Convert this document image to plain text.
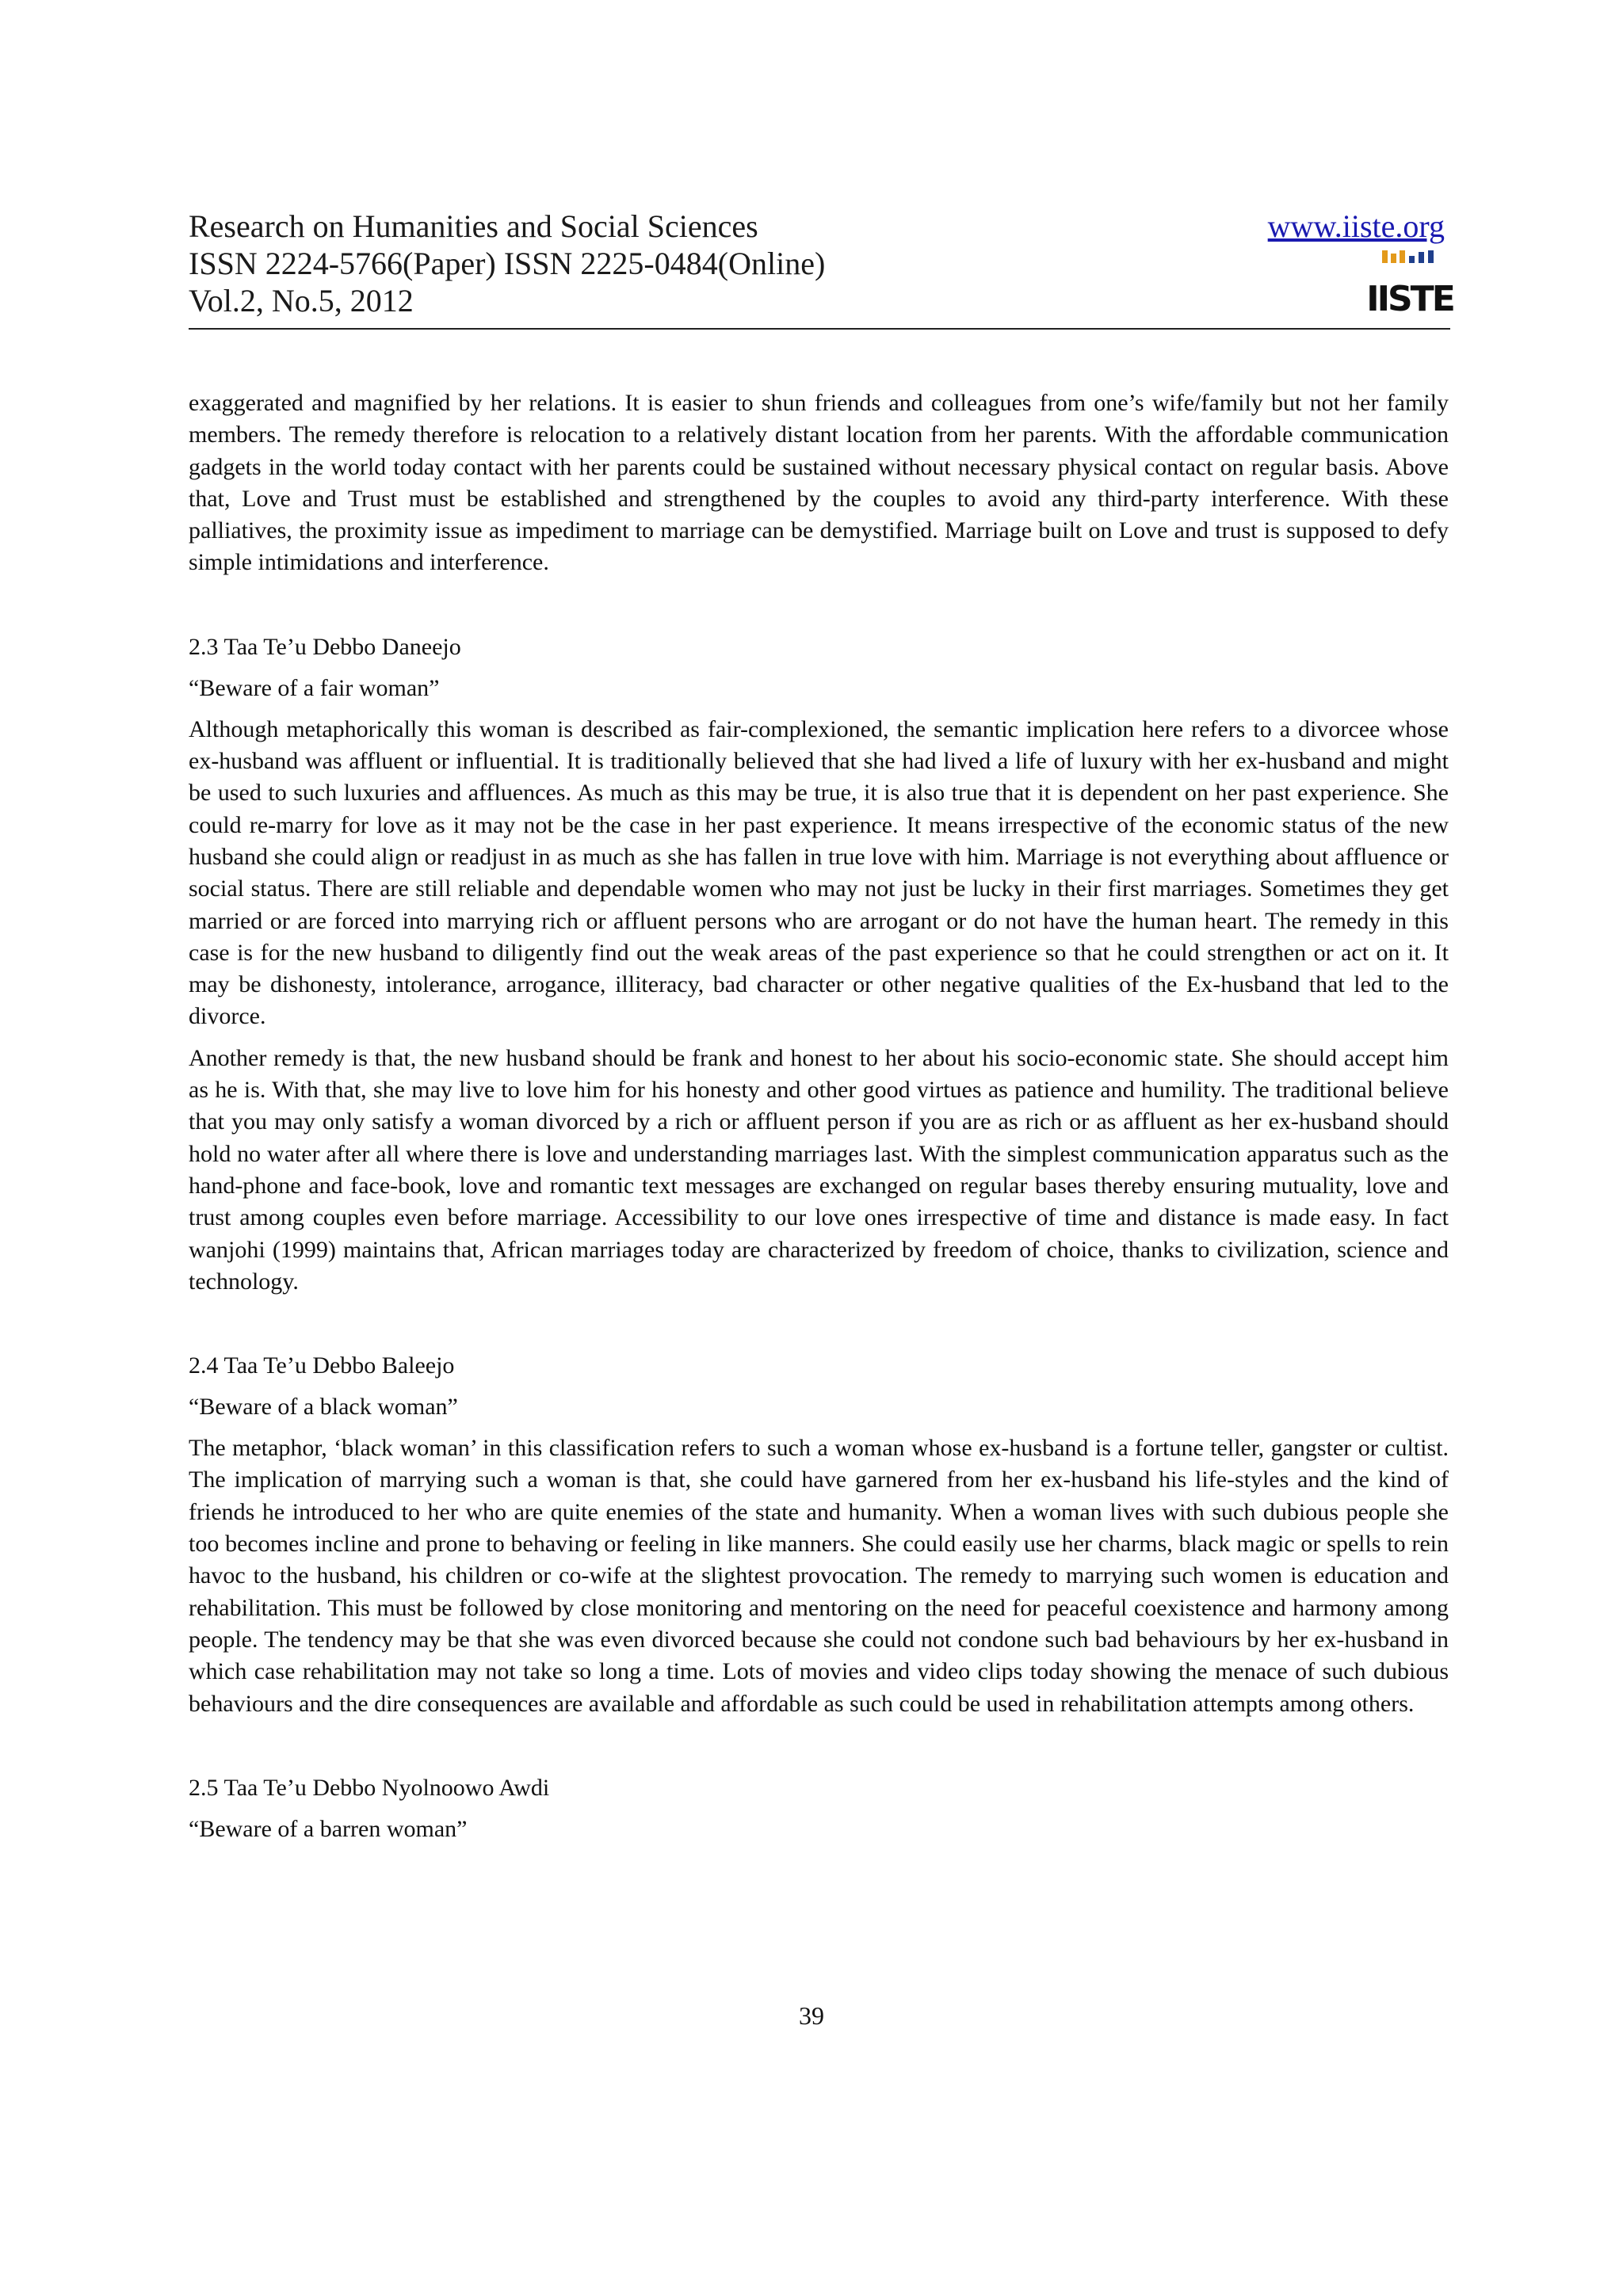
Research on Humanities and Social Sciences
ISSN 2224-5766(Paper) ISSN 2225-0484(Online)
Vol.2, No.5, 2012
www.iiste.org
IISTE

exaggerated and magnified by her relations. It is easier to shun friends and colleagues from one’s wife/family but not her family members. The remedy therefore is relocation to a relatively distant location from her parents. With the affordable communication gadgets in the world today contact with her parents could be sustained without necessary physical contact on regular basis. Above that, Love and Trust must be established and strengthened by the couples to avoid any third-party interference. With these palliatives, the proximity issue as impediment to marriage can be demystified. Marriage built on Love and trust is supposed to defy simple intimidations and interference.

2.3 Taa Te’u Debbo Daneejo

“Beware of a fair woman”

Although metaphorically this woman is described as fair-complexioned, the semantic implication here refers to a divorcee whose ex-husband was affluent or influential. It is traditionally believed that she had lived a life of luxury with her ex-husband and might be used to such luxuries and affluences. As much as this may be true, it is also true that it is dependent on her past experience. She could re-marry for love as it may not be the case in her past experience. It means irrespective of the economic status of the new husband she could align or readjust in as much as she has fallen in true love with him. Marriage is not everything about affluence or social status. There are still reliable and dependable women who may not just be lucky in their first marriages. Sometimes they get married or are forced into marrying rich or affluent persons who are arrogant or do not have the human heart. The remedy in this case is for the new husband to diligently find out the weak areas of the past experience so that he could strengthen or act on it. It may be dishonesty, intolerance, arrogance, illiteracy, bad character or other negative qualities of the Ex-husband that led to the divorce.

Another remedy is that, the new husband should be frank and honest to her about his socio-economic state. She should accept him as he is. With that, she may live to love him for his honesty and other good virtues as patience and humility. The traditional believe that you may only satisfy a woman divorced by a rich or affluent person if you are as rich or as affluent as her ex-husband should hold no water after all where there is love and understanding marriages last. With the simplest communication apparatus such as the hand-phone and face-book, love and romantic text messages are exchanged on regular bases thereby ensuring mutuality, love and trust among couples even before marriage. Accessibility to our love ones irrespective of time and distance is made easy. In fact wanjohi (1999) maintains that, African marriages today are characterized by freedom of choice, thanks to civilization, science and technology.

2.4 Taa Te’u Debbo Baleejo

“Beware of a black woman”

The metaphor, ‘black woman’ in this classification refers to such a woman whose ex-husband is a fortune teller, gangster or cultist. The implication of marrying such a woman is that, she could have garnered from her ex-husband his life-styles and the kind of friends he introduced to her who are quite enemies of the state and humanity. When a woman lives with such dubious people she too becomes incline and prone to behaving or feeling in like manners. She could easily use her charms, black magic or spells to rein havoc to the husband, his children or co-wife at the slightest provocation. The remedy to marrying such women is education and rehabilitation. This must be followed by close monitoring and mentoring on the need for peaceful coexistence and harmony among people. The tendency may be that she was even divorced because she could not condone such bad behaviours by her ex-husband in which case rehabilitation may not take so long a time. Lots of movies and video clips today showing the menace of such dubious behaviours and the dire consequences are available and affordable as such could be used in rehabilitation attempts among others.

2.5 Taa Te’u Debbo Nyolnoowo Awdi

“Beware of a barren woman”

39
